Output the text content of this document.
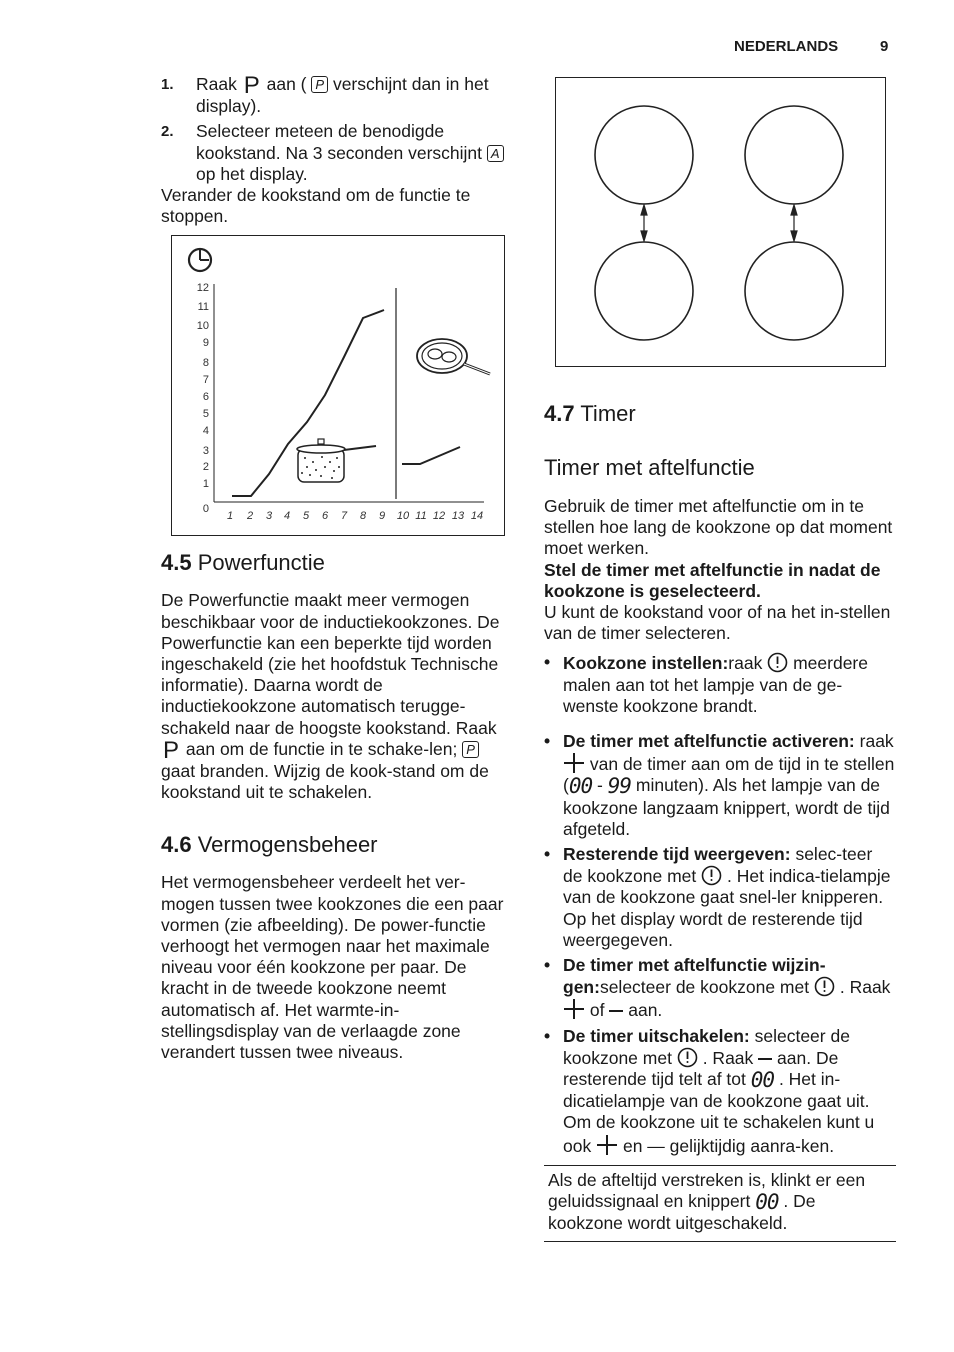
NEDERLANDS	9
1. Raak P aan ( P verschijnt dan in het display).
2. Selecteer meteen de benodigde kookstand. Na 3 seconden verschijnt A op het display.

Verander de kookstand om de functie te stoppen.

4.5 Powerfunctie

De Powerfunctie maakt meer vermogen beschikbaar voor de inductiekookzones. De Powerfunctie kan een beperkte tijd worden ingeschakeld (zie het hoofdstuk Technische informatie). Daarna wordt de inductiekookzone automatisch terugge-schakeld naar de hoogste kookstand. Raak P aan om de functie in te schake-len; P gaat branden. Wijzig de kook-stand om de kookstand uit te schakelen.

4.6 Vermogensbeheer

Het vermogensbeheer verdeelt het ver-mogen tussen twee kookzones die een paar vormen (zie afbeelding). De power-functie verhoogt het vermogen naar het maximale niveau voor één kookzone per paar. De kracht in de tweede kookzone neemt automatisch af. Het warmte-in-stellingsdisplay van de verlaagde zone verandert tussen twee niveaus.

12
11
10
9
8
7
6
5
4
3
2
1
0
1 2 3 4 5 6 7 8 9 10 11 12 13 14
4.7 Timer
Timer met aftelfunctie

Gebruik de timer met aftelfunctie om in te stellen hoe lang de kookzone op dat moment moet werken.

Stel de timer met aftelfunctie in nadat de kookzone is geselecteerd.

U kunt de kookstand voor of na het in-stellen van de timer selecteren.

• Kookzone instellen:raak meerdere malen aan tot het lampje van de ge-wenste kookzone brandt.
• De timer met aftelfunctie activeren: raak  van de timer aan om de tijd in te stellen (00 - 99 minuten). Als het lampje van de kookzone langzaam knippert, wordt de tijd afgeteld.
• Resterende tijd weergeven: selec-teer de kookzone met . Het indica-tielampje van de kookzone gaat snel-ler knipperen. Op het display wordt de resterende tijd weergegeven.
• De timer met aftelfunctie wijzin-gen:selecteer de kookzone met . Raak  of aan.
• De timer uitschakelen: selecteer de kookzone met . Raak aan. De resterende tijd telt af tot 00 . Het in-dicatielampje van de kookzone gaat uit. Om de kookzone uit te schakelen kunt u ook en — gelijktijdig aanra-ken.
Als de afteltijd verstreken is, klinkt er een geluidssignaal en knippert 00 . De kookzone wordt uitgeschakeld.
